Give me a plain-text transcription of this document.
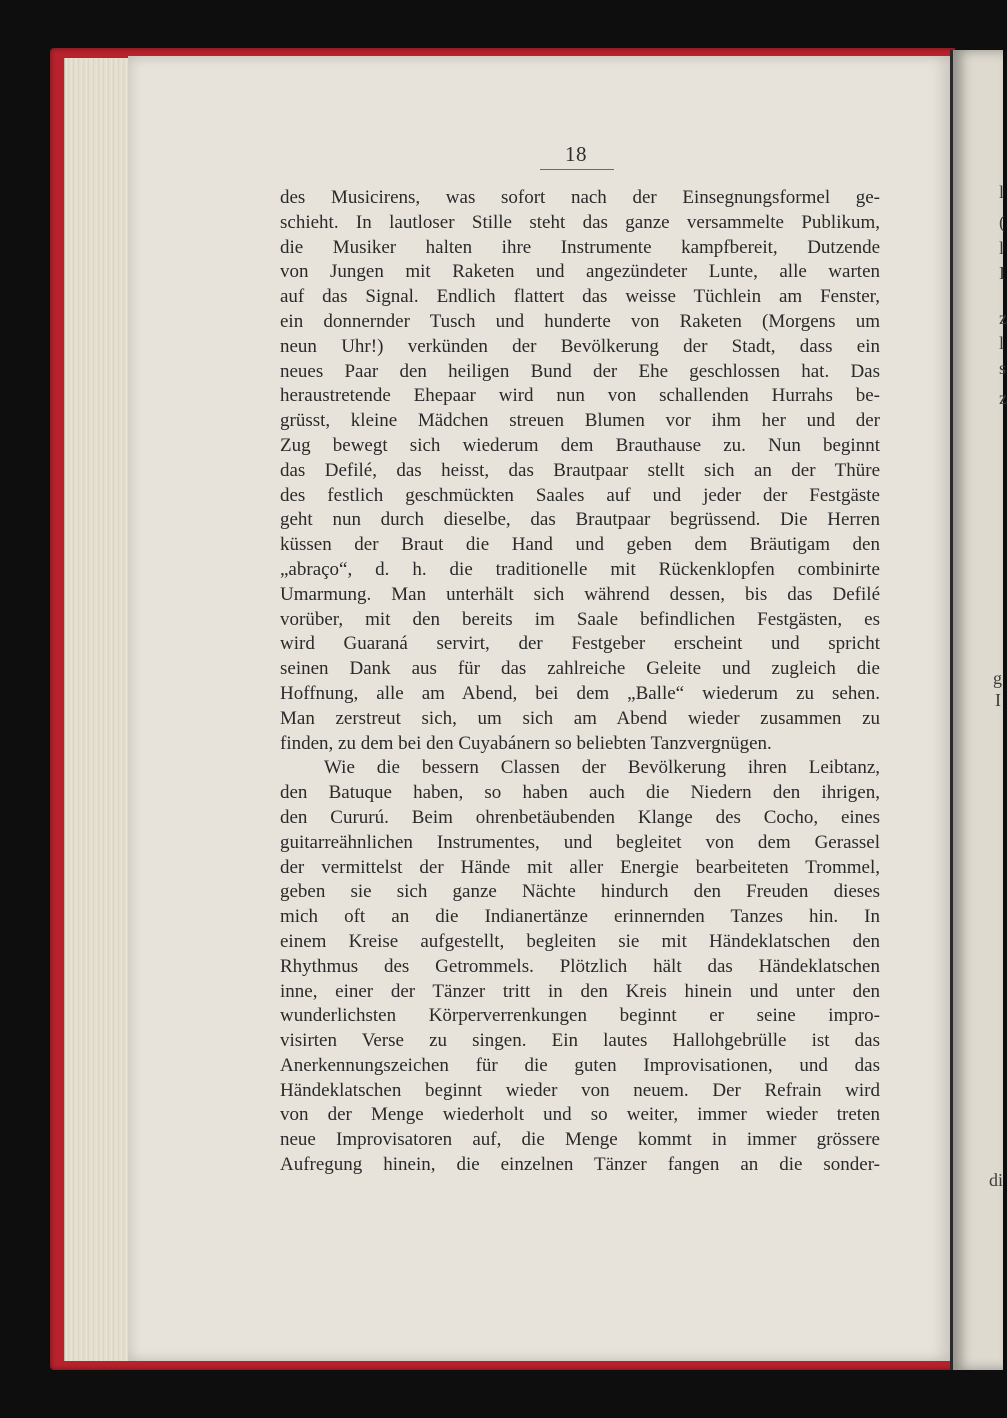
18
des Musicirens, was sofort nach der Einsegnungsformel ge-
schieht. In lautloser Stille steht das ganze versammelte Publikum,
die Musiker halten ihre Instrumente kampfbereit, Dutzende
von Jungen mit Raketen und angezündeter Lunte, alle warten
auf das Signal. Endlich flattert das weisse Tüchlein am Fenster,
ein donnernder Tusch und hunderte von Raketen (Morgens um
neun Uhr!) verkünden der Bevölkerung der Stadt, dass ein
neues Paar den heiligen Bund der Ehe geschlossen hat. Das
heraustretende Ehepaar wird nun von schallenden Hurrahs be-
grüsst, kleine Mädchen streuen Blumen vor ihm her und der
Zug bewegt sich wiederum dem Brauthause zu. Nun beginnt
das Defilé, das heisst, das Brautpaar stellt sich an der Thüre
des festlich geschmückten Saales auf und jeder der Festgäste
geht nun durch dieselbe, das Brautpaar begrüssend. Die Herren
küssen der Braut die Hand und geben dem Bräutigam den
„abraço“, d. h. die traditionelle mit Rückenklopfen combinirte
Umarmung. Man unterhält sich während dessen, bis das Defilé
vorüber, mit den bereits im Saale befindlichen Festgästen, es
wird Guaraná servirt, der Festgeber erscheint und spricht
seinen Dank aus für das zahlreiche Geleite und zugleich die
Hoffnung, alle am Abend, bei dem „Balle“ wiederum zu sehen.
Man zerstreut sich, um sich am Abend wieder zusammen zu
finden, zu dem bei den Cuyabánern so beliebten Tanzvergnügen.
Wie die bessern Classen der Bevölkerung ihren Leibtanz,
den Batuque haben, so haben auch die Niedern den ihrigen,
den Cururú. Beim ohrenbetäubenden Klange des Cocho, eines
guitarreähnlichen Instrumentes, und begleitet von dem Gerassel
der vermittelst der Hände mit aller Energie bearbeiteten Trommel,
geben sie sich ganze Nächte hindurch den Freuden dieses
mich oft an die Indianertänze erinnernden Tanzes hin. In
einem Kreise aufgestellt, begleiten sie mit Händeklatschen den
Rhythmus des Getrommels. Plötzlich hält das Händeklatschen
inne, einer der Tänzer tritt in den Kreis hinein und unter den
wunderlichsten Körperverrenkungen beginnt er seine impro-
visirten Verse zu singen. Ein lautes Hallohgebrülle ist das
Anerkennungszeichen für die guten Improvisationen, und das
Händeklatschen beginnt wieder von neuem. Der Refrain wird
von der Menge wiederholt und so weiter, immer wieder treten
neue Improvisatoren auf, die Menge kommt in immer grössere
Aufregung hinein, die einzelnen Tänzer fangen an die sonder-
l
(
l
I
z
l
s
z
g
I
di
